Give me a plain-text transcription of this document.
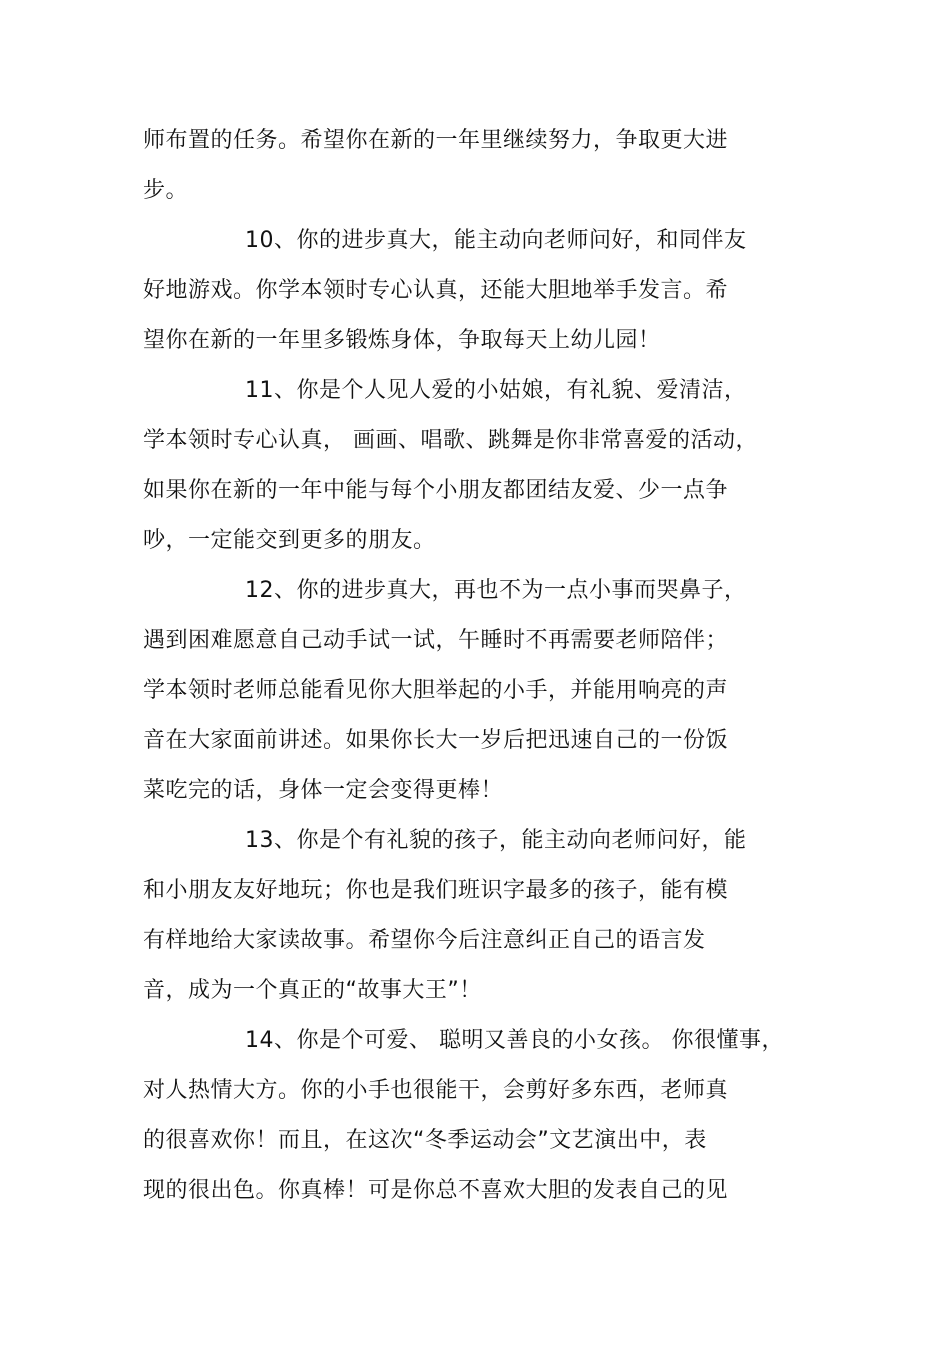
师布置的任务。希望你在新的一年里继续努力，争取更大进
步。
10、你的进步真大，能主动向老师问好，和同伴友
好地游戏。你学本领时专心认真，还能大胆地举手发言。希
望你在新的一年里多锻炼身体，争取每天上幼儿园！
11、你是个人见人爱的小姑娘，有礼貌、爱清洁，
学本领时专心认真， 画画、唱歌、跳舞是你非常喜爱的活动，
如果你在新的一年中能与每个小朋友都团结友爱、少一点争
吵，一定能交到更多的朋友。
12、你的进步真大，再也不为一点小事而哭鼻子，
遇到困难愿意自己动手试一试，午睡时不再需要老师陪伴；
学本领时老师总能看见你大胆举起的小手，并能用响亮的声
音在大家面前讲述。如果你长大一岁后把迅速自己的一份饭
菜吃完的话，身体一定会变得更棒！
13、你是个有礼貌的孩子，能主动向老师问好，能
和小朋友友好地玩；你也是我们班识字最多的孩子，能有模
有样地给大家读故事。希望你今后注意纠正自己的语言发
音，成为一个真正的“故事大王”！
14、你是个可爱、 聪明又善良的小女孩。 你很懂事，
对人热情大方。你的小手也很能干，会剪好多东西，老师真
的很喜欢你！而且，在这次“冬季运动会”文艺演出中，表
现的很出色。你真棒！可是你总不喜欢大胆的发表自己的见
